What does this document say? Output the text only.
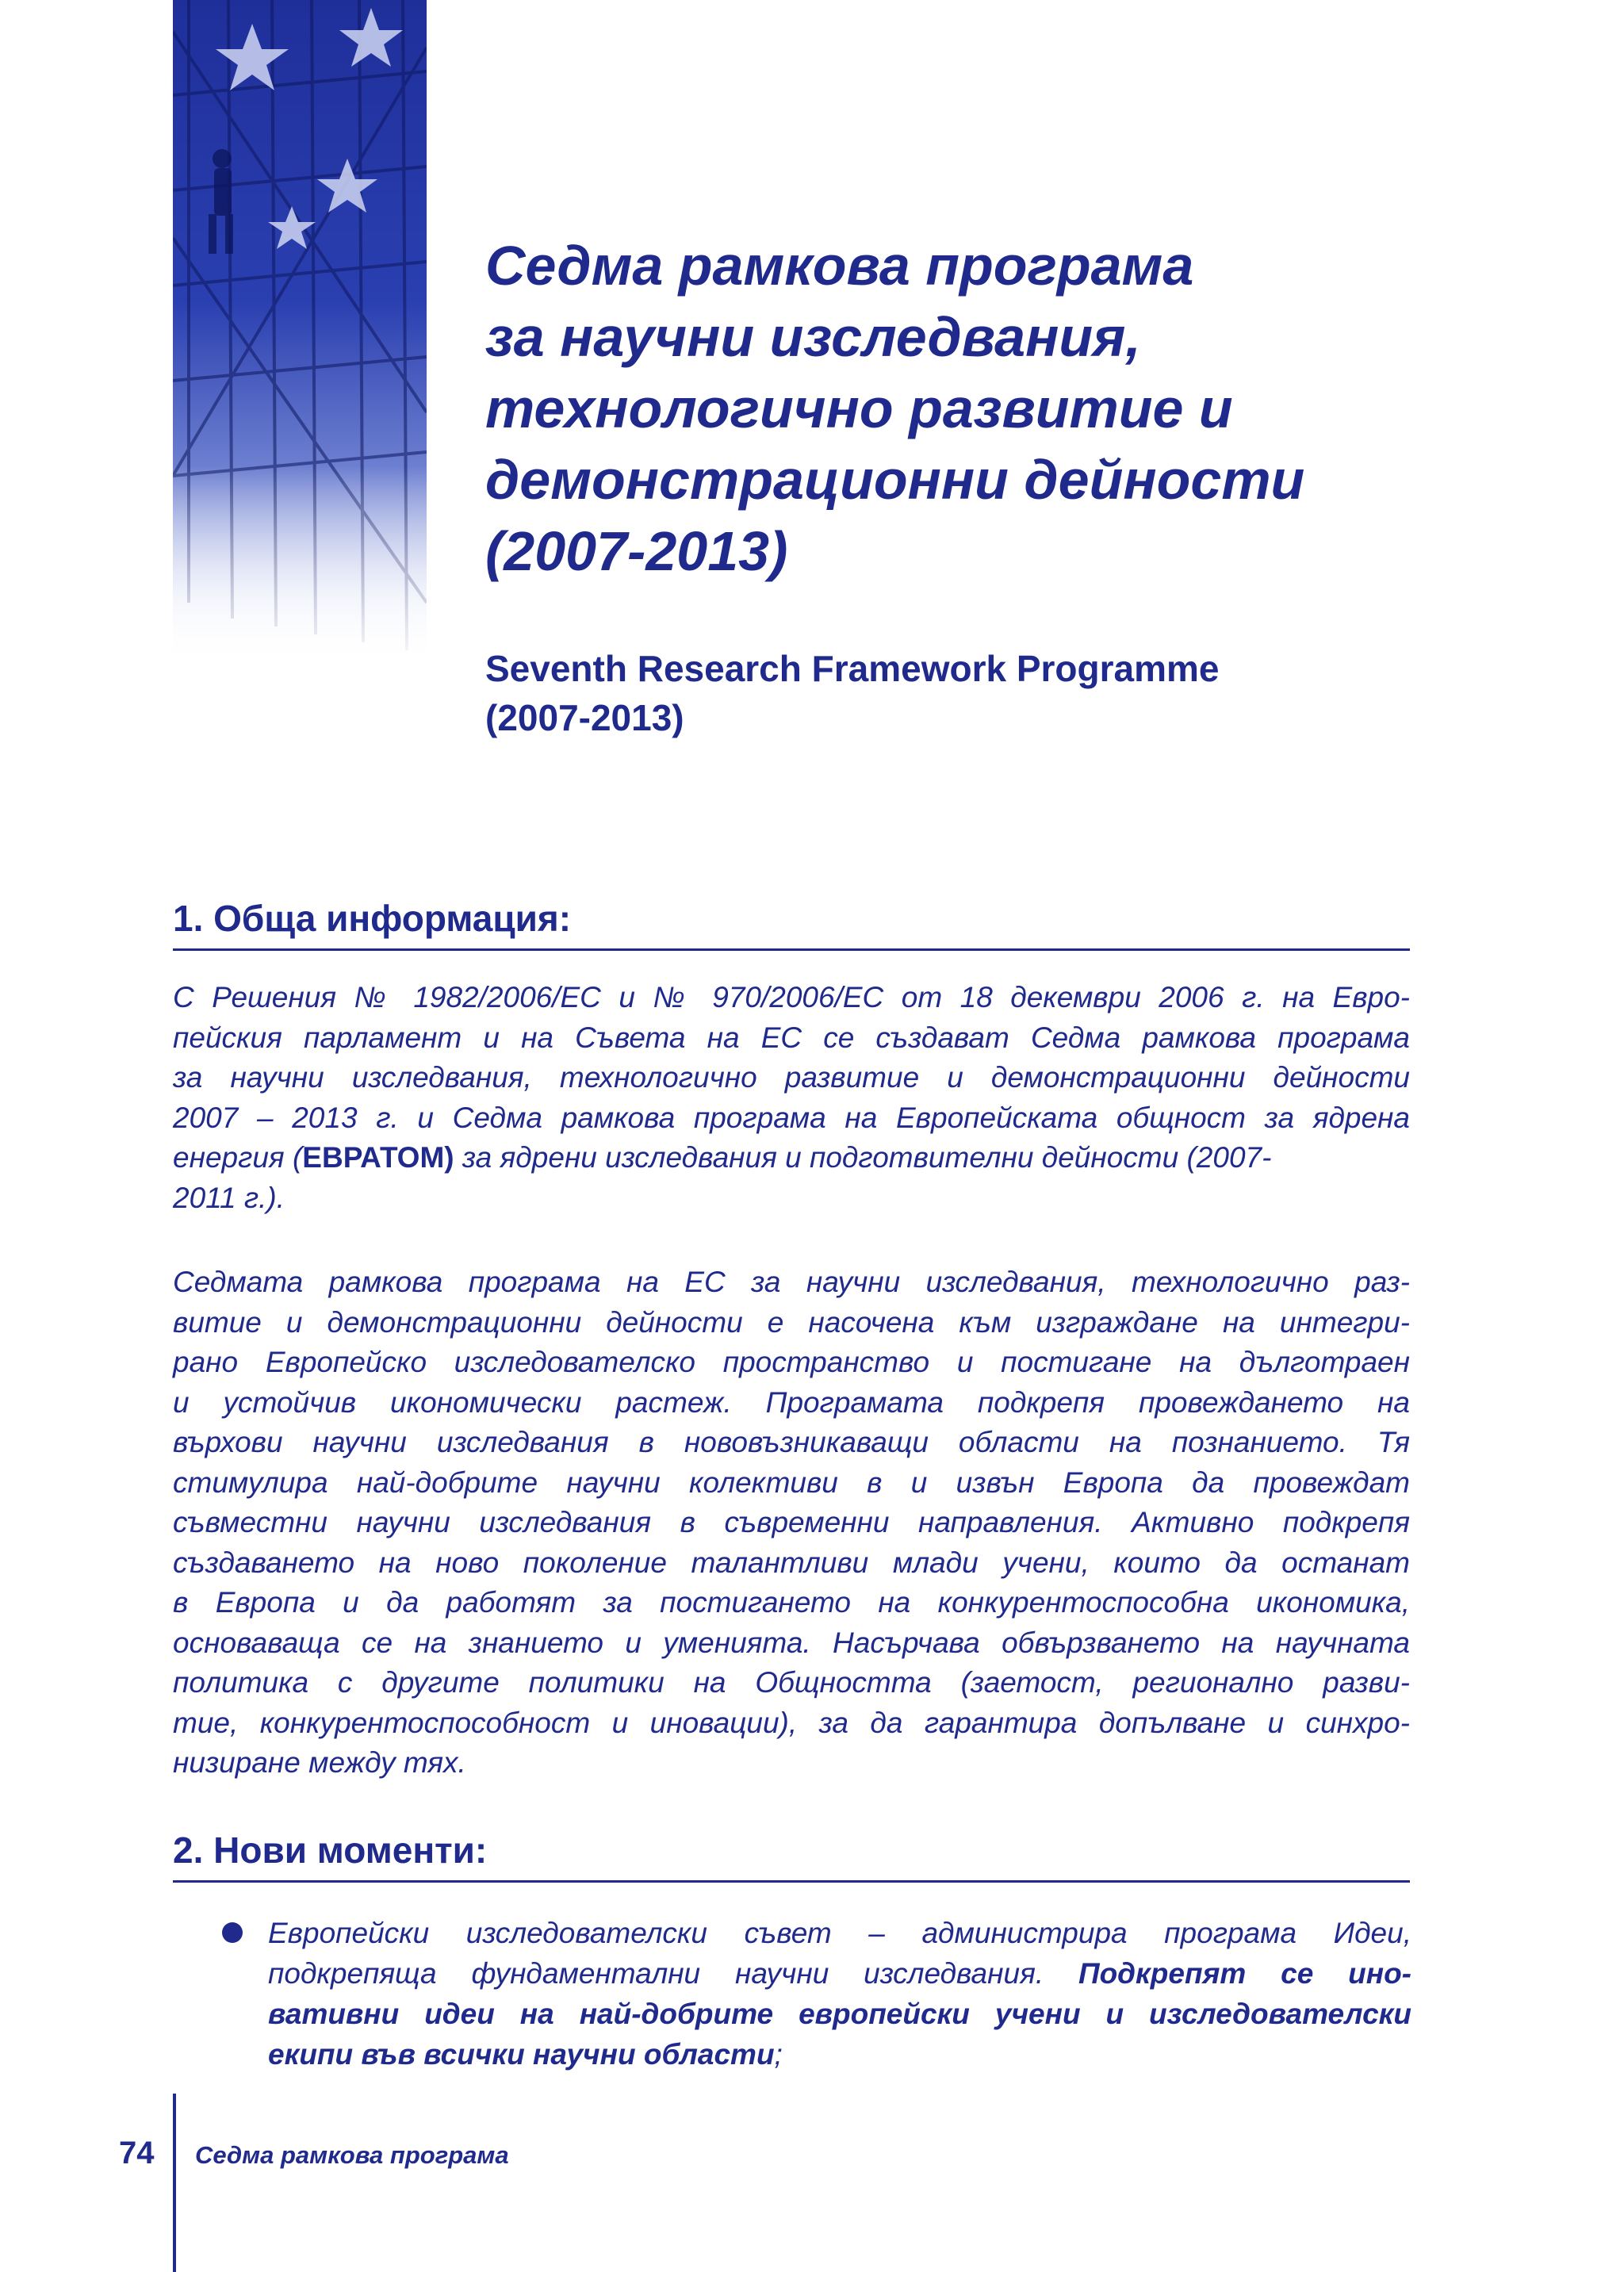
Седма рамкова програма
за научни изследвания,
технологично развитие и
демонстрационни дейности
(2007-2013)
Seventh Research Framework Programme
(2007-2013)
1. Обща информация:
С Решения № 1982/2006/ЕС и № 970/2006/ЕС от 18 декември 2006 г. на Евро-
пейския парламент и на Съвета на ЕС се създават Седма рамкова програма
за научни изследвания, технологично развитие и демонстрационни дейности
2007 – 2013 г. и Седма рамкова програма на Европейската общност за ядрена
енергия (ЕВРАТОМ) за ядрени изследвания и подготвителни дейности (2007-
2011 г.).
Седмата рамкова програма на ЕС за научни изследвания, технологично раз-
витие и демонстрационни дейности е насочена към изграждане на интегри-
рано Европейско изследователско пространство и постигане на дълготраен
и устойчив икономически растеж. Програмата подкрепя провеждането на
върхови научни изследвания в нововъзникаващи области на познанието. Тя
стимулира най-добрите научни колективи в и извън Европа да провеждат
съвместни научни изследвания в съвременни направления. Активно подкрепя
създаването на ново поколение талантливи млади учени, които да останат
в Европа и да работят за постигането на конкурентоспособна икономика,
основаваща се на знанието и уменията. Насърчава обвързването на научната
политика с другите политики на Общността (заетост, регионално разви-
тие, конкурентоспособност и иновации), за да гарантира допълване и синхро-
низиране между тях.
2. Нови моменти:
Европейски изследователски съвет – администрира програма Идеи,
подкрепяща фундаментални научни изследвания. Подкрепят се ино-
вативни идеи на най-добрите европейски учени и изследователски
екипи във всички научни области;
74 Седма рамкова програма
